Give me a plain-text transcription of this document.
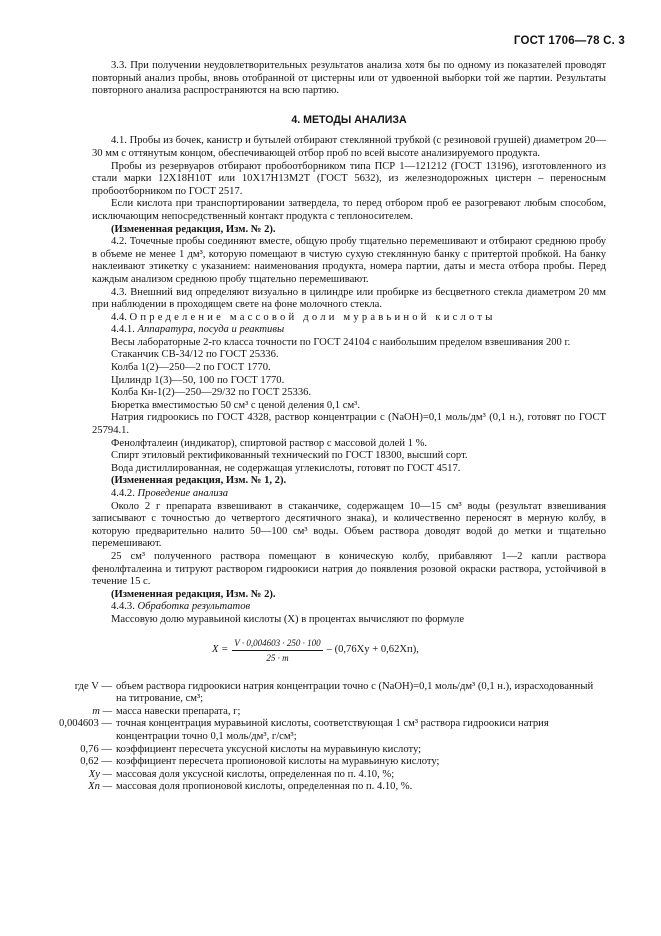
ГОСТ 1706—78 С. 3

3.3. При получении неудовлетворительных результатов анализа хотя бы по одному из показателей проводят повторный анализ пробы, вновь отобранной от цистерны или от удвоенной выборки той же партии. Результаты повторного анализа распространяются на всю партию.

4. МЕТОДЫ АНАЛИЗА

4.1. Пробы из бочек, канистр и бутылей отбирают стеклянной трубкой (с резиновой грушей) диаметром 20—30 мм с оттянутым концом, обеспечивающей отбор проб по всей высоте анализируемого продукта.

Пробы из резервуаров отбирают пробоотборником типа ПСР 1—121212 (ГОСТ 13196), изготовленного из стали марки 12Х18Н10Т или 10Х17Н13М2Т (ГОСТ 5632), из железнодорожных цистерн – переносным пробоотборником по ГОСТ 2517.

Если кислота при транспортировании затвердела, то перед отбором проб ее разогревают любым способом, исключающим непосредственный контакт продукта с теплоносителем.

(Измененная редакция, Изм. № 2).

4.2. Точечные пробы соединяют вместе, общую пробу тщательно перемешивают и отбирают среднюю пробу в объеме не менее 1 дм³, которую помещают в чистую сухую стеклянную банку с притертой пробкой. На банку наклеивают этикетку с указанием: наименования продукта, номера партии, даты и места отбора пробы. Перед каждым анализом среднюю пробу тщательно перемешивают.

4.3. Внешний вид определяют визуально в цилиндре или пробирке из бесцветного стекла диаметром 20 мм при наблюдении в проходящем свете на фоне молочного стекла.

4.4. Определение массовой доли муравьиной кислоты

4.4.1. Аппаратура, посуда и реактивы

Весы лабораторные 2-го класса точности по ГОСТ 24104 с наибольшим пределом взвешивания 200 г.

Стаканчик СВ-34/12 по ГОСТ 25336.

Колба 1(2)—250—2 по ГОСТ 1770.

Цилиндр 1(3)—50, 100 по ГОСТ 1770.

Колба Кн-1(2)—250—29/32 по ГОСТ 25336.

Бюретка вместимостью 50 см³ с ценой деления 0,1 см³.

Натрия гидроокись по ГОСТ 4328, раствор концентрации с (NaOH)=0,1 моль/дм³ (0,1 н.), готовят по ГОСТ 25794.1.

Фенолфталеин (индикатор), спиртовой раствор с массовой долей 1 %.

Спирт этиловый ректификованный технический по ГОСТ 18300, высший сорт.

Вода дистиллированная, не содержащая углекислоты, готовят по ГОСТ 4517.

(Измененная редакция, Изм. № 1, 2).

4.4.2. Проведение анализа

Около 2 г препарата взвешивают в стаканчике, содержащем 10—15 см³ воды (результат взвешивания записывают с точностью до четвертого десятичного знака), и количественно переносят в мерную колбу, в которую предварительно налито 50—100 см³ воды. Объем раствора доводят водой до метки и тщательно перемешивают.

25 см³ полученного раствора помещают в коническую колбу, прибавляют 1—2 капли раствора фенолфталеина и титруют раствором гидроокиси натрия до появления розовой окраски раствора, устойчивой в течение 15 с.

(Измененная редакция, Изм. № 2).

4.4.3. Обработка результатов

Массовую долю муравьиной кислоты (X) в процентах вычисляют по формуле

$X = \frac{V \cdot 0,004603 \cdot 250 \cdot 100}{25 \cdot m} - (0,76Xу + 0,62Xп)$,
где V — объем раствора гидроокиси натрия концентрации точно с (NaOH)=0,1 моль/дм³ (0,1 н.), израсходованный на титрование, см³;
m — масса навески препарата, г;
0,004603 — точная концентрация муравьиной кислоты, соответствующая 1 см³ раствора гидроокиси натрия концентрации точно 0,1 моль/дм³, г/см³;
0,76 — коэффициент пересчета уксусной кислоты на муравьиную кислоту;
0,62 — коэффициент пересчета пропионовой кислоты на муравьиную кислоту;
Xу — массовая доля уксусной кислоты, определенная по п. 4.10, %;
Xп — массовая доля пропионовой кислоты, определенная по п. 4.10, %.
